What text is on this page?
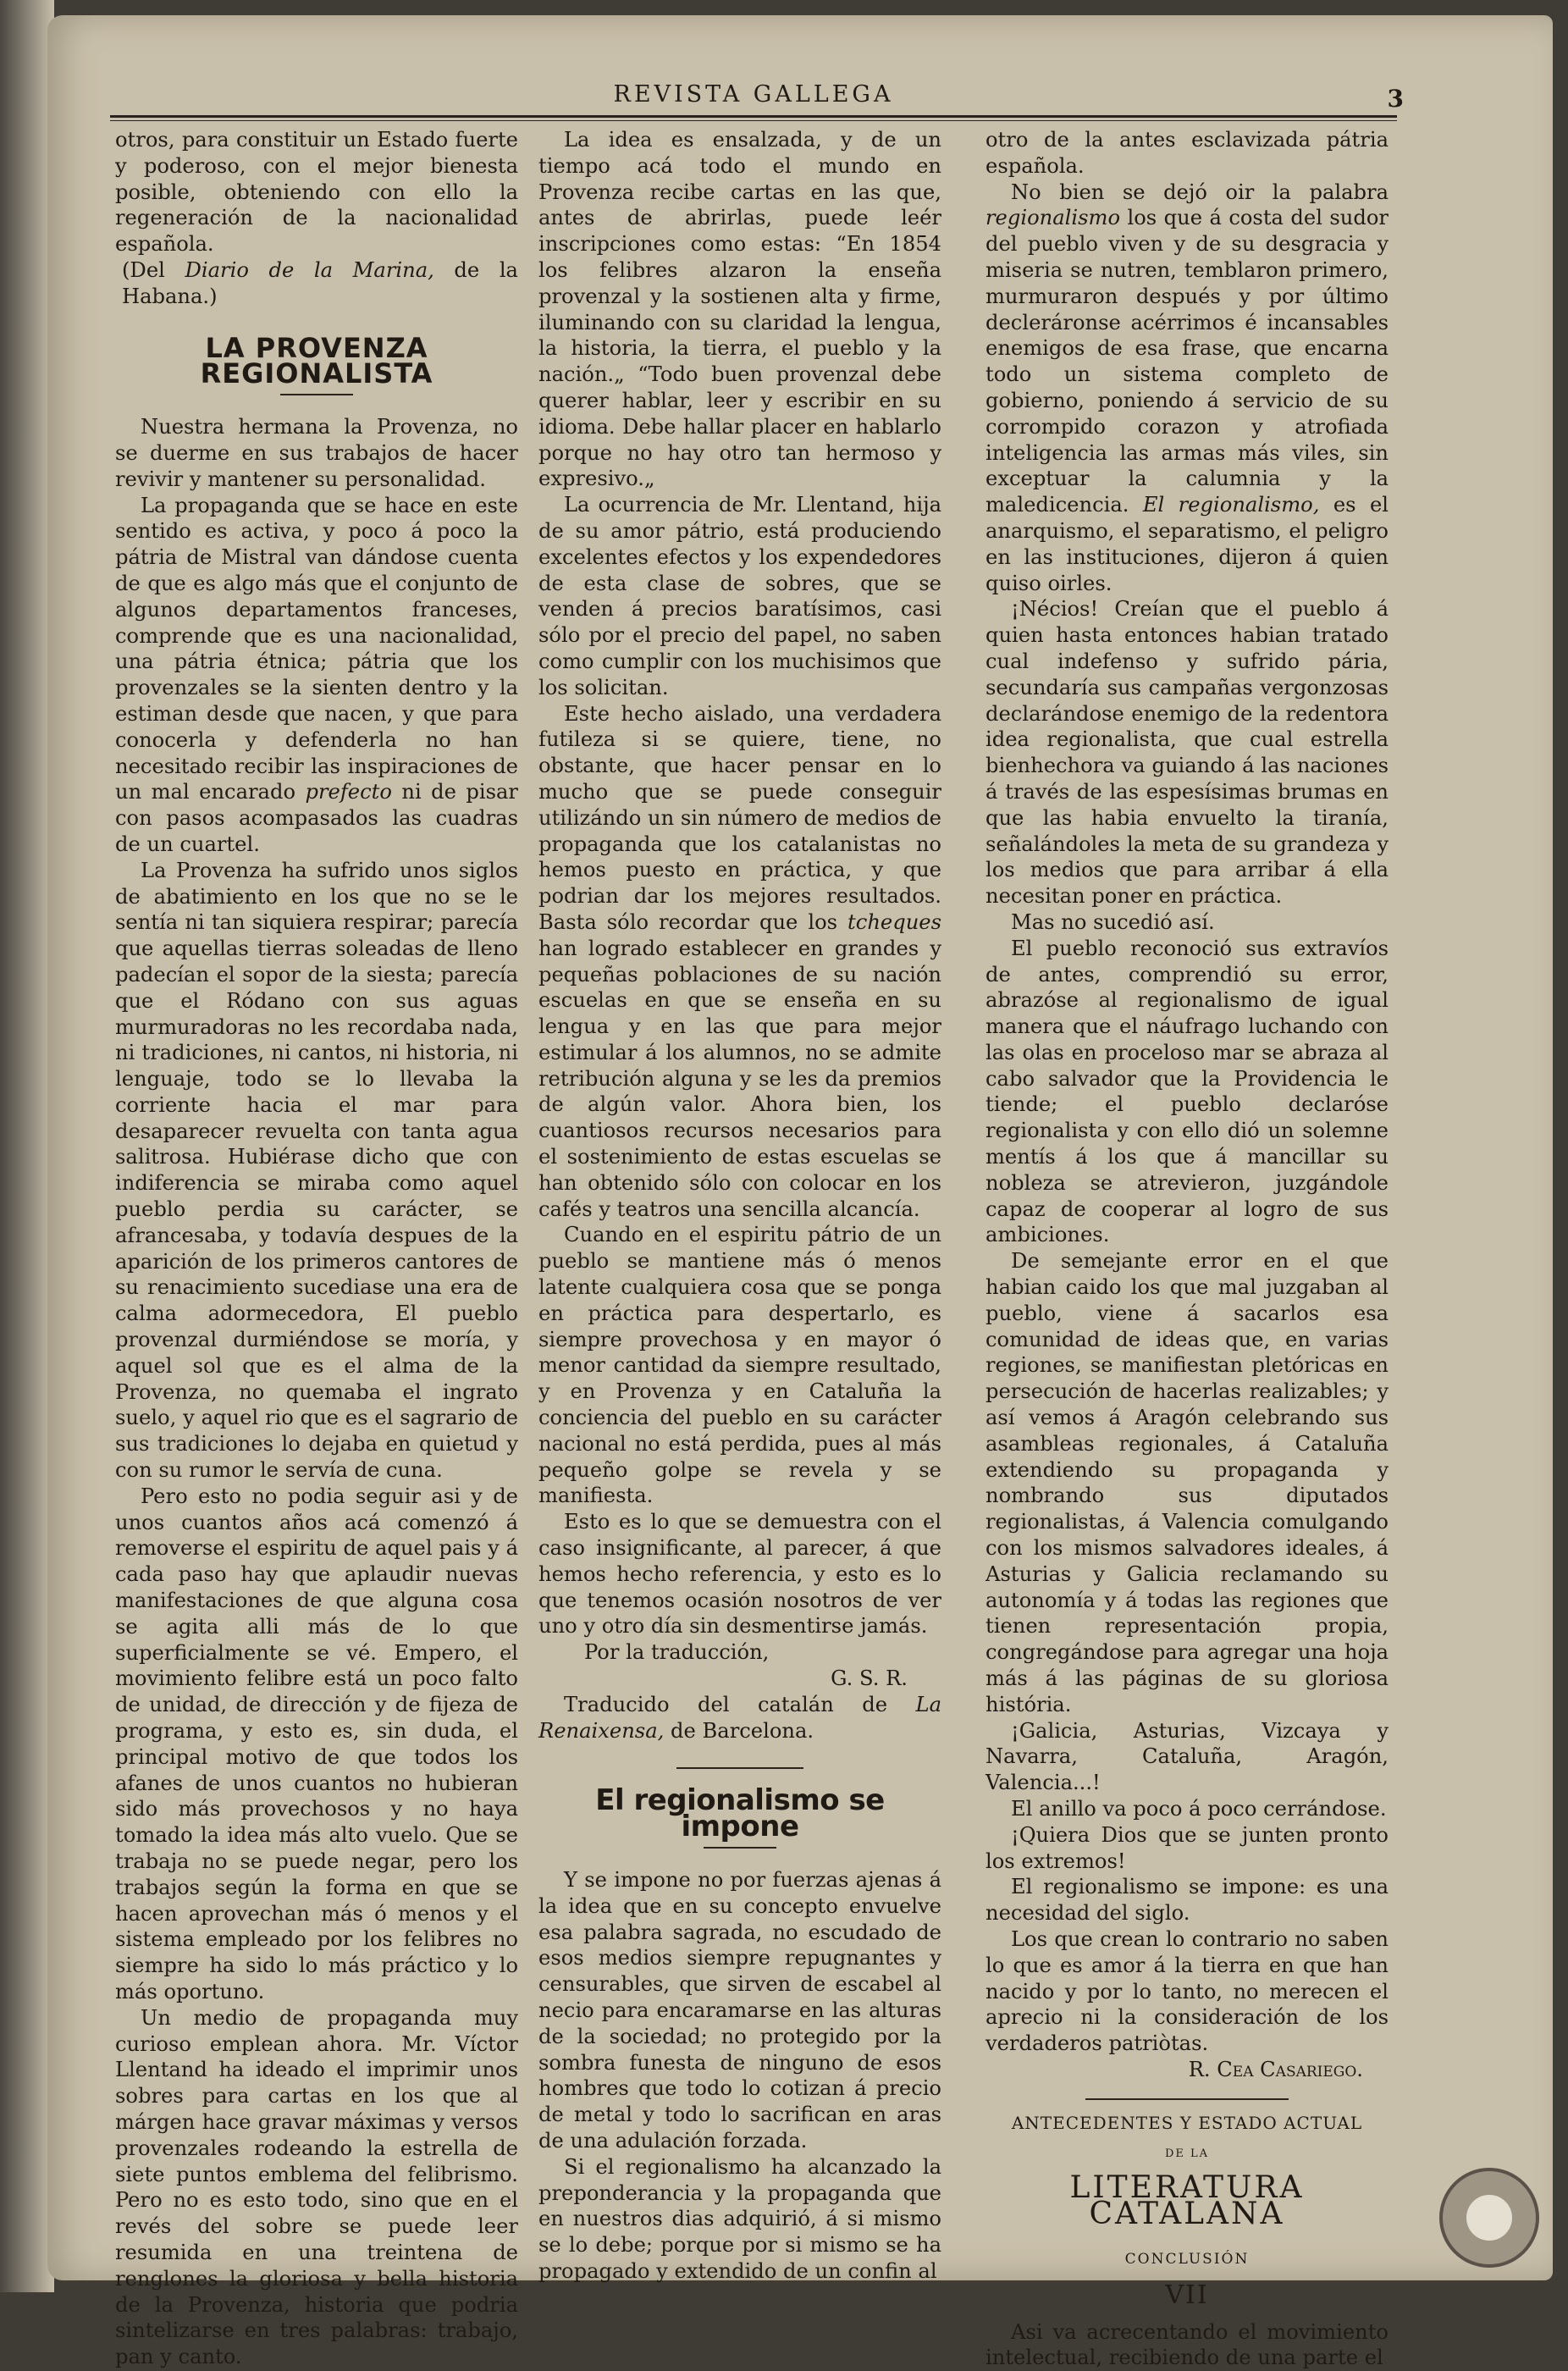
REVISTA GALLEGA	3

otros, para constituir un Estado fuerte y poderoso, con el mejor bienesta posible, obteniendo con ello la regeneración de la nacionalidad española.

(Del Diario de la Marina, de la Habana.)

LA PROVENZA REGIONALISTA

Nuestra hermana la Provenza, no se duerme en sus trabajos de hacer revivir y mantener su personalidad.

La propaganda que se hace en este sentido es activa, y poco á poco la pátria de Mistral van dándose cuenta de que es algo más que el conjunto de algunos departamentos franceses, comprende que es una nacionalidad, una pátria étnica; pátria que los provenzales se la sienten dentro y la estiman desde que nacen, y que para conocerla y defenderla no han necesitado recibir las inspiraciones de un mal encarado prefecto ni de pisar con pasos acompasados las cuadras de un cuartel.

La Provenza ha sufrido unos siglos de abatimiento en los que no se le sentía ni tan siquiera respirar; parecía que aquellas tierras soleadas de lleno padecían el sopor de la siesta; parecía que el Ródano con sus aguas murmuradoras no les recordaba nada, ni tradiciones, ni cantos, ni historia, ni lenguaje, todo se lo llevaba la corriente hacia el mar para desaparecer revuelta con tanta agua salitrosa. Hubiérase dicho que con indiferencia se miraba como aquel pueblo perdia su carácter, se afrancesaba, y todavía despues de la aparición de los primeros cantores de su renacimiento sucediase una era de calma adormecedora, El pueblo provenzal durmiéndose se moría, y aquel sol que es el alma de la Provenza, no quemaba el ingrato suelo, y aquel rio que es el sagrario de sus tradiciones lo dejaba en quietud y con su rumor le servía de cuna.

Pero esto no podia seguir asi y de unos cuantos años acá comenzó á removerse el espiritu de aquel pais y á cada paso hay que aplaudir nuevas manifestaciones de que alguna cosa se agita alli más de lo que superficialmente se vé. Empero, el movimiento felibre está un poco falto de unidad, de dirección y de fijeza de programa, y esto es, sin duda, el principal motivo de que todos los afanes de unos cuantos no hubieran sido más provechosos y no haya tomado la idea más alto vuelo. Que se trabaja no se puede negar, pero los trabajos según la forma en que se hacen aprovechan más ó menos y el sistema empleado por los felibres no siempre ha sido lo más práctico y lo más oportuno.

Un medio de propaganda muy curioso emplean ahora. Mr. Víctor Llentand ha ideado el imprimir unos sobres para cartas en los que al márgen hace gravar máximas y versos provenzales rodeando la estrella de siete puntos emblema del felibrismo. Pero no es esto todo, sino que en el revés del sobre se puede leer resumida en una treintena de renglones la gloriosa y bella historia de la Provenza, historia que podria sintelizarse en tres palabras: trabajo, pan y canto.

La idea es ensalzada, y de un tiempo acá todo el mundo en Provenza recibe cartas en las que, antes de abrirlas, puede leér inscripciones como estas: “En 1854 los felibres alzaron la enseña provenzal y la sostienen alta y firme, iluminando con su claridad la lengua, la historia, la tierra, el pueblo y la nación.„ “Todo buen provenzal debe querer hablar, leer y escribir en su idioma. Debe hallar placer en hablarlo porque no hay otro tan hermoso y expresivo.„

La ocurrencia de Mr. Llentand, hija de su amor pátrio, está produciendo excelentes efectos y los expendedores de esta clase de sobres, que se venden á precios baratísimos, casi sólo por el precio del papel, no saben como cumplir con los muchisimos que los solicitan.

Este hecho aislado, una verdadera futileza si se quiere, tiene, no obstante, que hacer pensar en lo mucho que se puede conseguir utilizándo un sin número de medios de propaganda que los catalanistas no hemos puesto en práctica, y que podrian dar los mejores resultados. Basta sólo recordar que los tcheques han logrado establecer en grandes y pequeñas poblaciones de su nación escuelas en que se enseña en su lengua y en las que para mejor estimular á los alumnos, no se admite retribución alguna y se les da premios de algún valor. Ahora bien, los cuantiosos recursos necesarios para el sostenimiento de estas escuelas se han obtenido sólo con colocar en los cafés y teatros una sencilla alcancía.

Cuando en el espiritu pátrio de un pueblo se mantiene más ó menos latente cualquiera cosa que se ponga en práctica para despertarlo, es siempre provechosa y en mayor ó menor cantidad da siempre resultado, y en Provenza y en Cataluña la conciencia del pueblo en su carácter nacional no está perdida, pues al más pequeño golpe se revela y se manifiesta.

Esto es lo que se demuestra con el caso insignificante, al parecer, á que hemos hecho referencia, y esto es lo que tenemos ocasión nosotros de ver uno y otro día sin desmentirse jamás.

Por la traducción,

G. S. R.

Traducido del catalán de La Renaixensa, de Barcelona.

El regionalismo se impone

Y se impone no por fuerzas ajenas á la idea que en su concepto envuelve esa palabra sagrada, no escudado de esos medios siempre repugnantes y censurables, que sirven de escabel al necio para encaramarse en las alturas de la sociedad; no protegido por la sombra funesta de ninguno de esos hombres que todo lo cotizan á precio de metal y todo lo sacrifican en aras de una adulación forzada.

Si el regionalismo ha alcanzado la preponderancia y la propaganda que en nuestros dias adquirió, á si mismo se lo debe; porque por si mismo se ha propagado y extendido de un confin al

otro de la antes esclavizada pátria española.

No bien se dejó oir la palabra regionalismo los que á costa del sudor del pueblo viven y de su desgracia y miseria se nutren, temblaron primero, murmuraron después y por último decleráronse acérrimos é incansables enemigos de esa frase, que encarna todo un sistema completo de gobierno, poniendo á servicio de su corrompido corazon y atrofiada inteligencia las armas más viles, sin exceptuar la calumnia y la maledicencia. El regionalismo, es el anarquismo, el separatismo, el peligro en las instituciones, dijeron á quien quiso oirles.

¡Nécios! Creían que el pueblo á quien hasta entonces habian tratado cual indefenso y sufrido pária, secundaría sus campañas vergonzosas declarándose enemigo de la redentora idea regionalista, que cual estrella bienhechora va guiando á las naciones á través de las espesísimas brumas en que las habia envuelto la tiranía, señalándoles la meta de su grandeza y los medios que para arribar á ella necesitan poner en práctica.

Mas no sucedió así.

El pueblo reconoció sus extravíos de antes, comprendió su error, abrazóse al regionalismo de igual manera que el náufrago luchando con las olas en proceloso mar se abraza al cabo salvador que la Providencia le tiende; el pueblo declaróse regionalista y con ello dió un solemne mentís á los que á mancillar su nobleza se atrevieron, juzgándole capaz de cooperar al logro de sus ambiciones.

De semejante error en el que habian caido los que mal juzgaban al pueblo, viene á sacarlos esa comunidad de ideas que, en varias regiones, se manifiestan pletóricas en persecución de hacerlas realizables; y así vemos á Aragón celebrando sus asambleas regionales, á Cataluña extendiendo su propaganda y nombrando sus diputados regionalistas, á Valencia comulgando con los mismos salvadores ideales, á Asturias y Galicia reclamando su autonomía y á todas las regiones que tienen representación propia, congregándose para agregar una hoja más á las páginas de su gloriosa história.

¡Galicia, Asturias, Vizcaya y Navarra, Cataluña, Aragón, Valencia...!

El anillo va poco á poco cerrándose.

¡Quiera Dios que se junten pronto los extremos!

El regionalismo se impone: es una necesidad del siglo.

Los que crean lo contrario no saben lo que es amor á la tierra en que han nacido y por lo tanto, no merecen el aprecio ni la consideración de los verdaderos patriòtas.

R. Cea Casariego.

ANTECEDENTES Y ESTADO ACTUAL
DE LA
LITERATURA CATALANA
CONCLUSIÓN
VII

Asi va acrecentando el movimiento intelectual, recibiendo de una parte el
